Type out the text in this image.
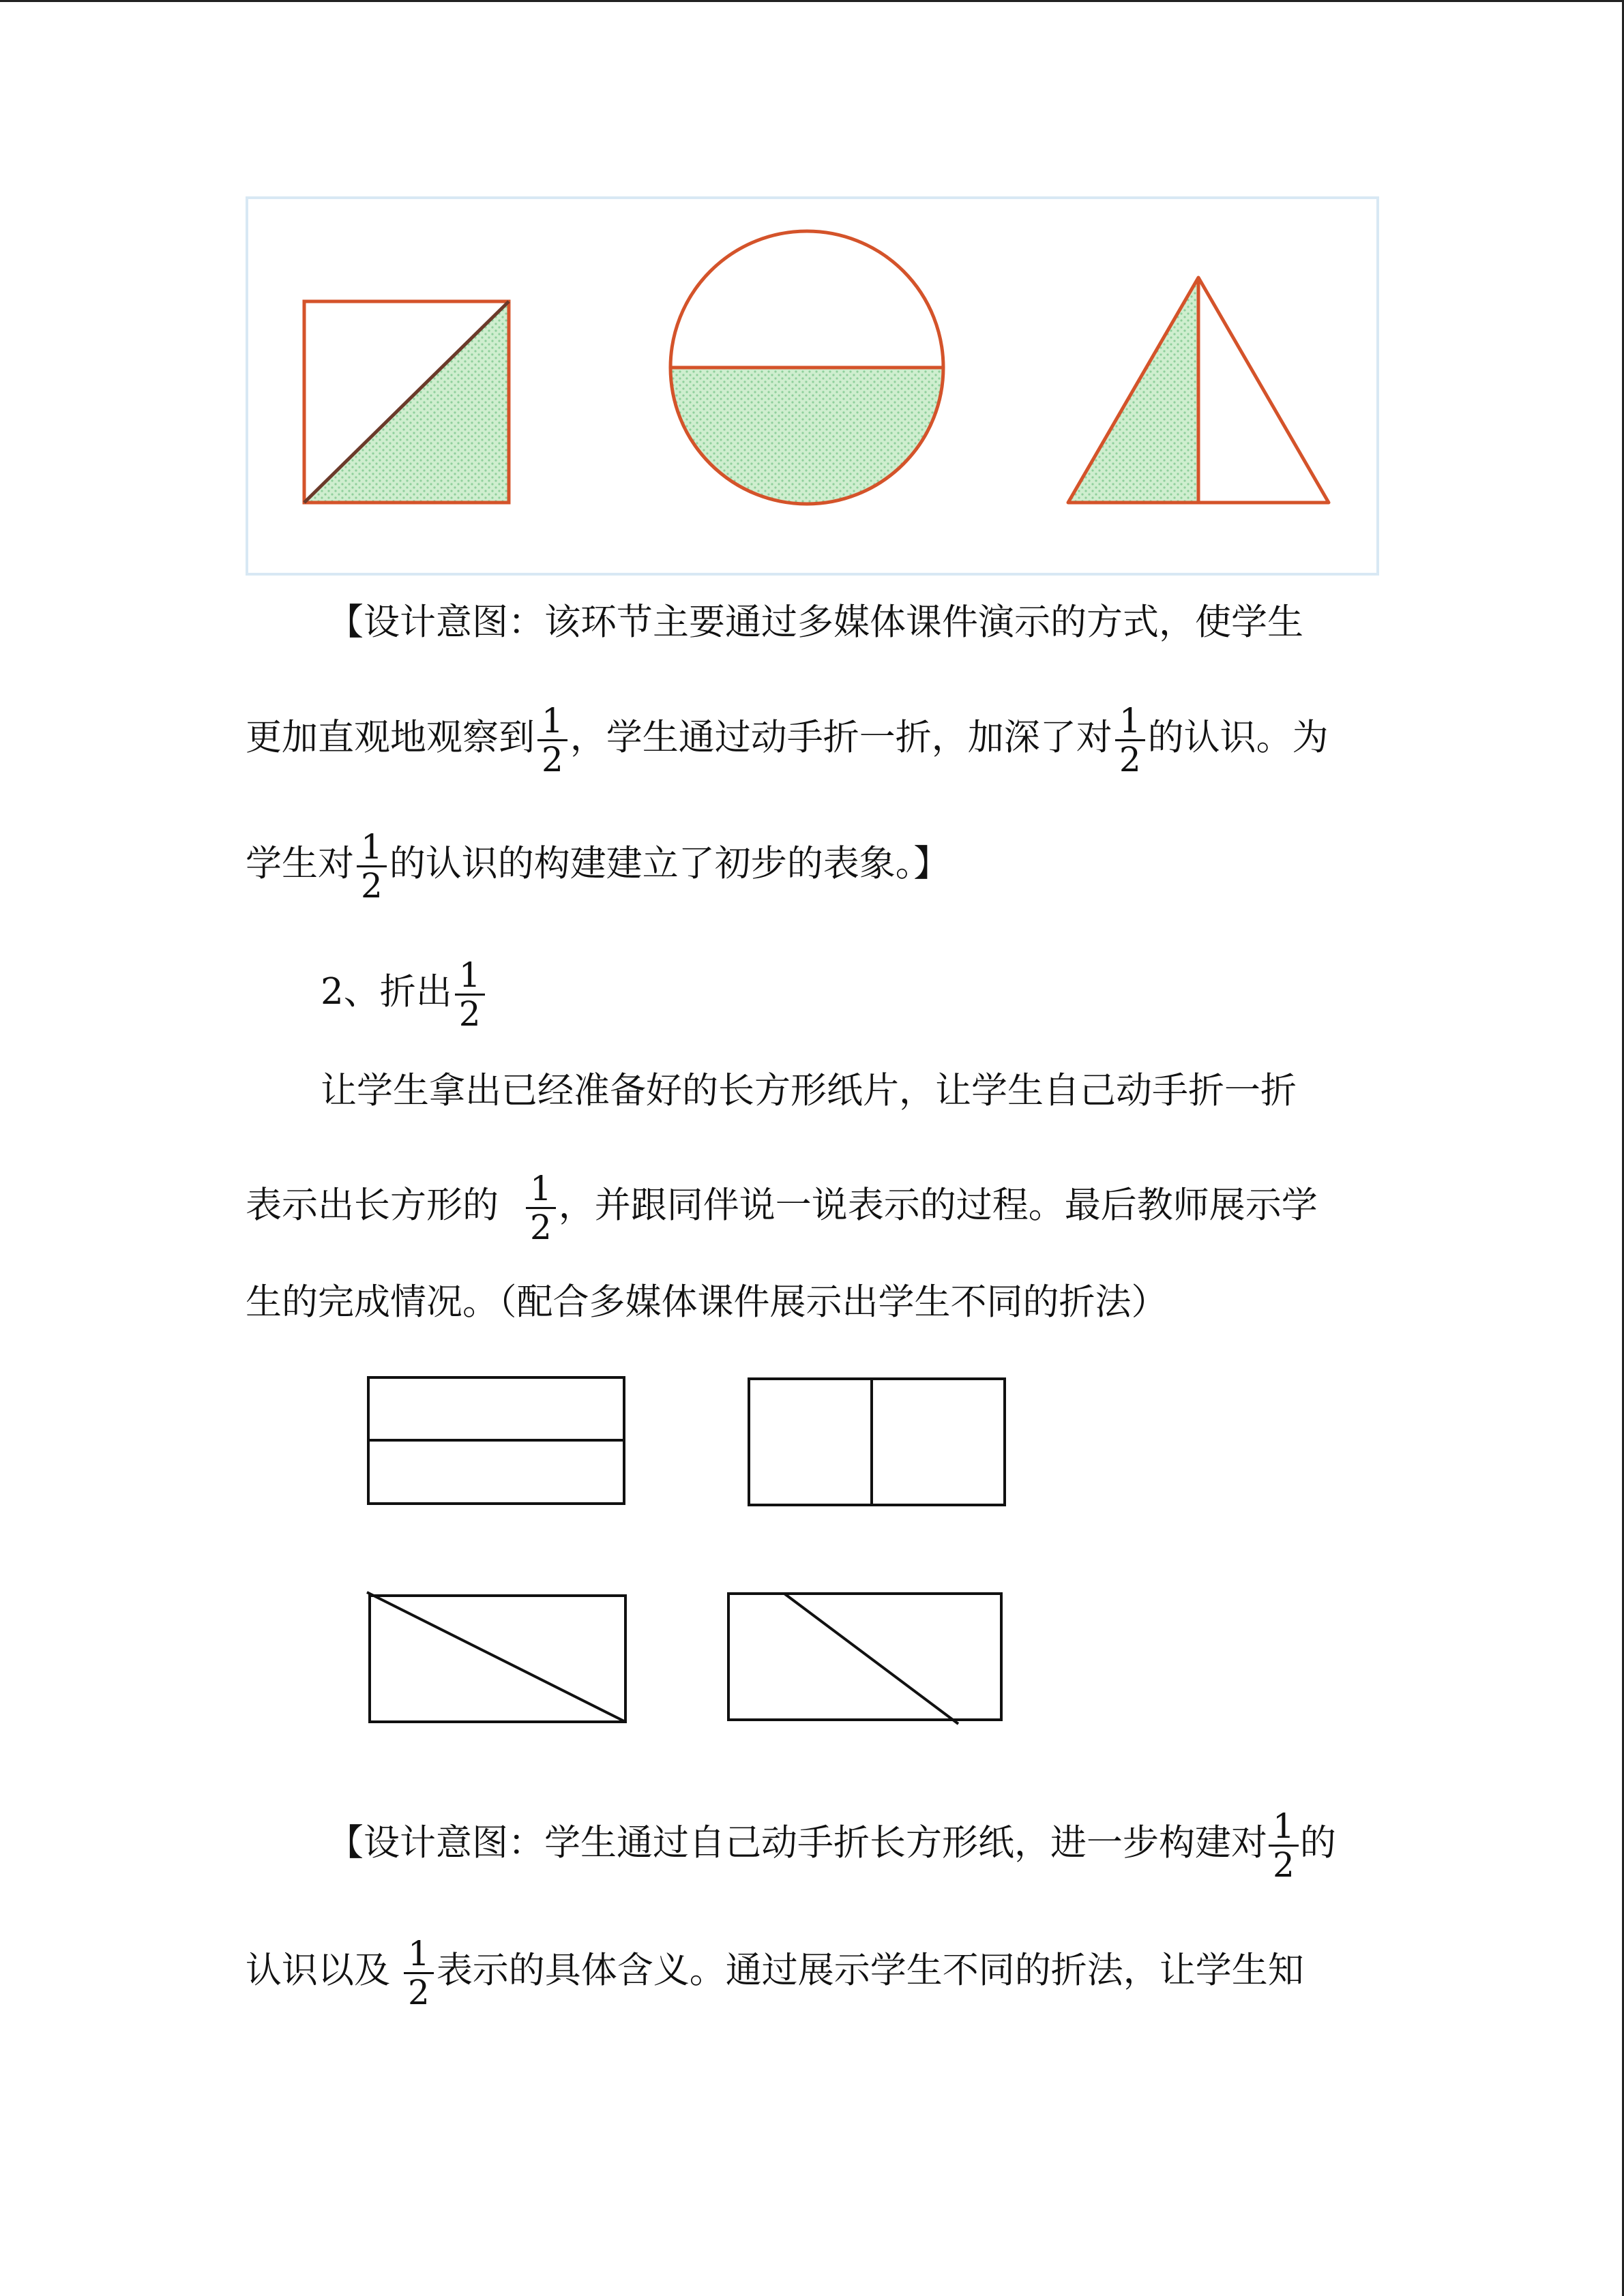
【设计意图：该环节主要通过多媒体课件演示的方式，使学生
更加直观地观察到 $\frac{1}{2}$ ，学生通过动手折一折，加深了对 $\frac{1}{2}$ 的认识。为
学生对 $\frac{1}{2}$ 的认识的构建建立了初步的表象。】
2、折出 $\frac{1}{2}$
让学生拿出已经准备好的长方形纸片，让学生自己动手折一折
表示出长方形的 $\frac{1}{2}$ ，并跟同伴说一说表示的过程。最后教师展示学
生的完成情况。（配合多媒体课件展示出学生不同的折法）
【设计意图：学生通过自己动手折长方形纸，进一步构建对 $\frac{1}{2}$ 的
认识以及 $\frac{1}{2}$ 表示的具体含义。通过展示学生不同的折法，让学生知
